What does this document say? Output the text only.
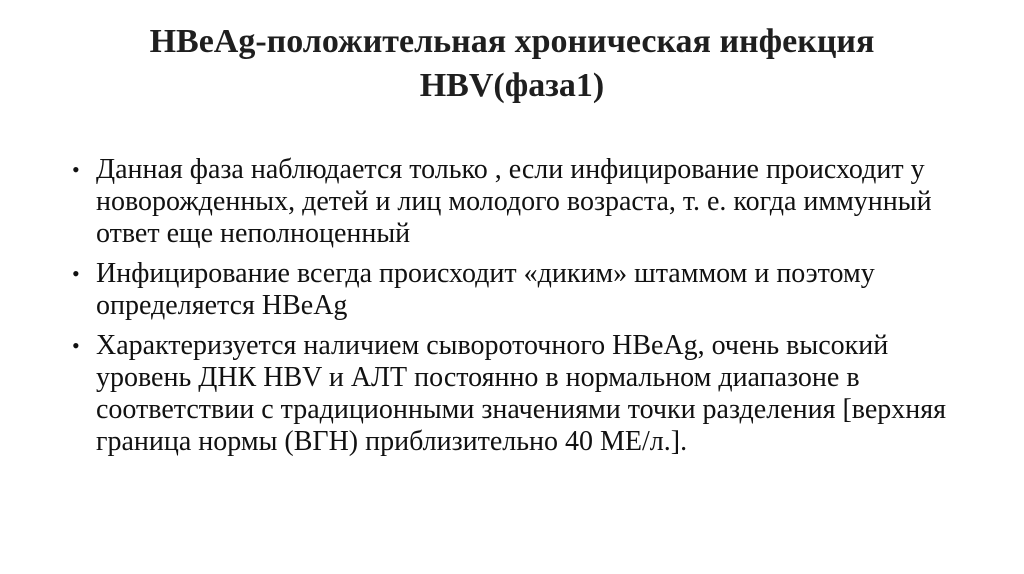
HBeAg-положительная хроническая инфекция
HBV(фаза1)
• Данная фаза наблюдается только , если инфицирование происходит у новорожденных, детей и лиц молодого возраста, т. е. когда иммунный ответ еще неполноценный
• Инфицирование всегда происходит «диким» штаммом и поэтому определяется HBeAg
• Характеризуется наличием сывороточного HBeAg, очень высокий уровень ДНК HBV и АЛТ постоянно в нормальном диапазоне в соответствии с традиционными значениями точки разделения [верхняя граница нормы (ВГН) приблизительно 40 МЕ/л.].
